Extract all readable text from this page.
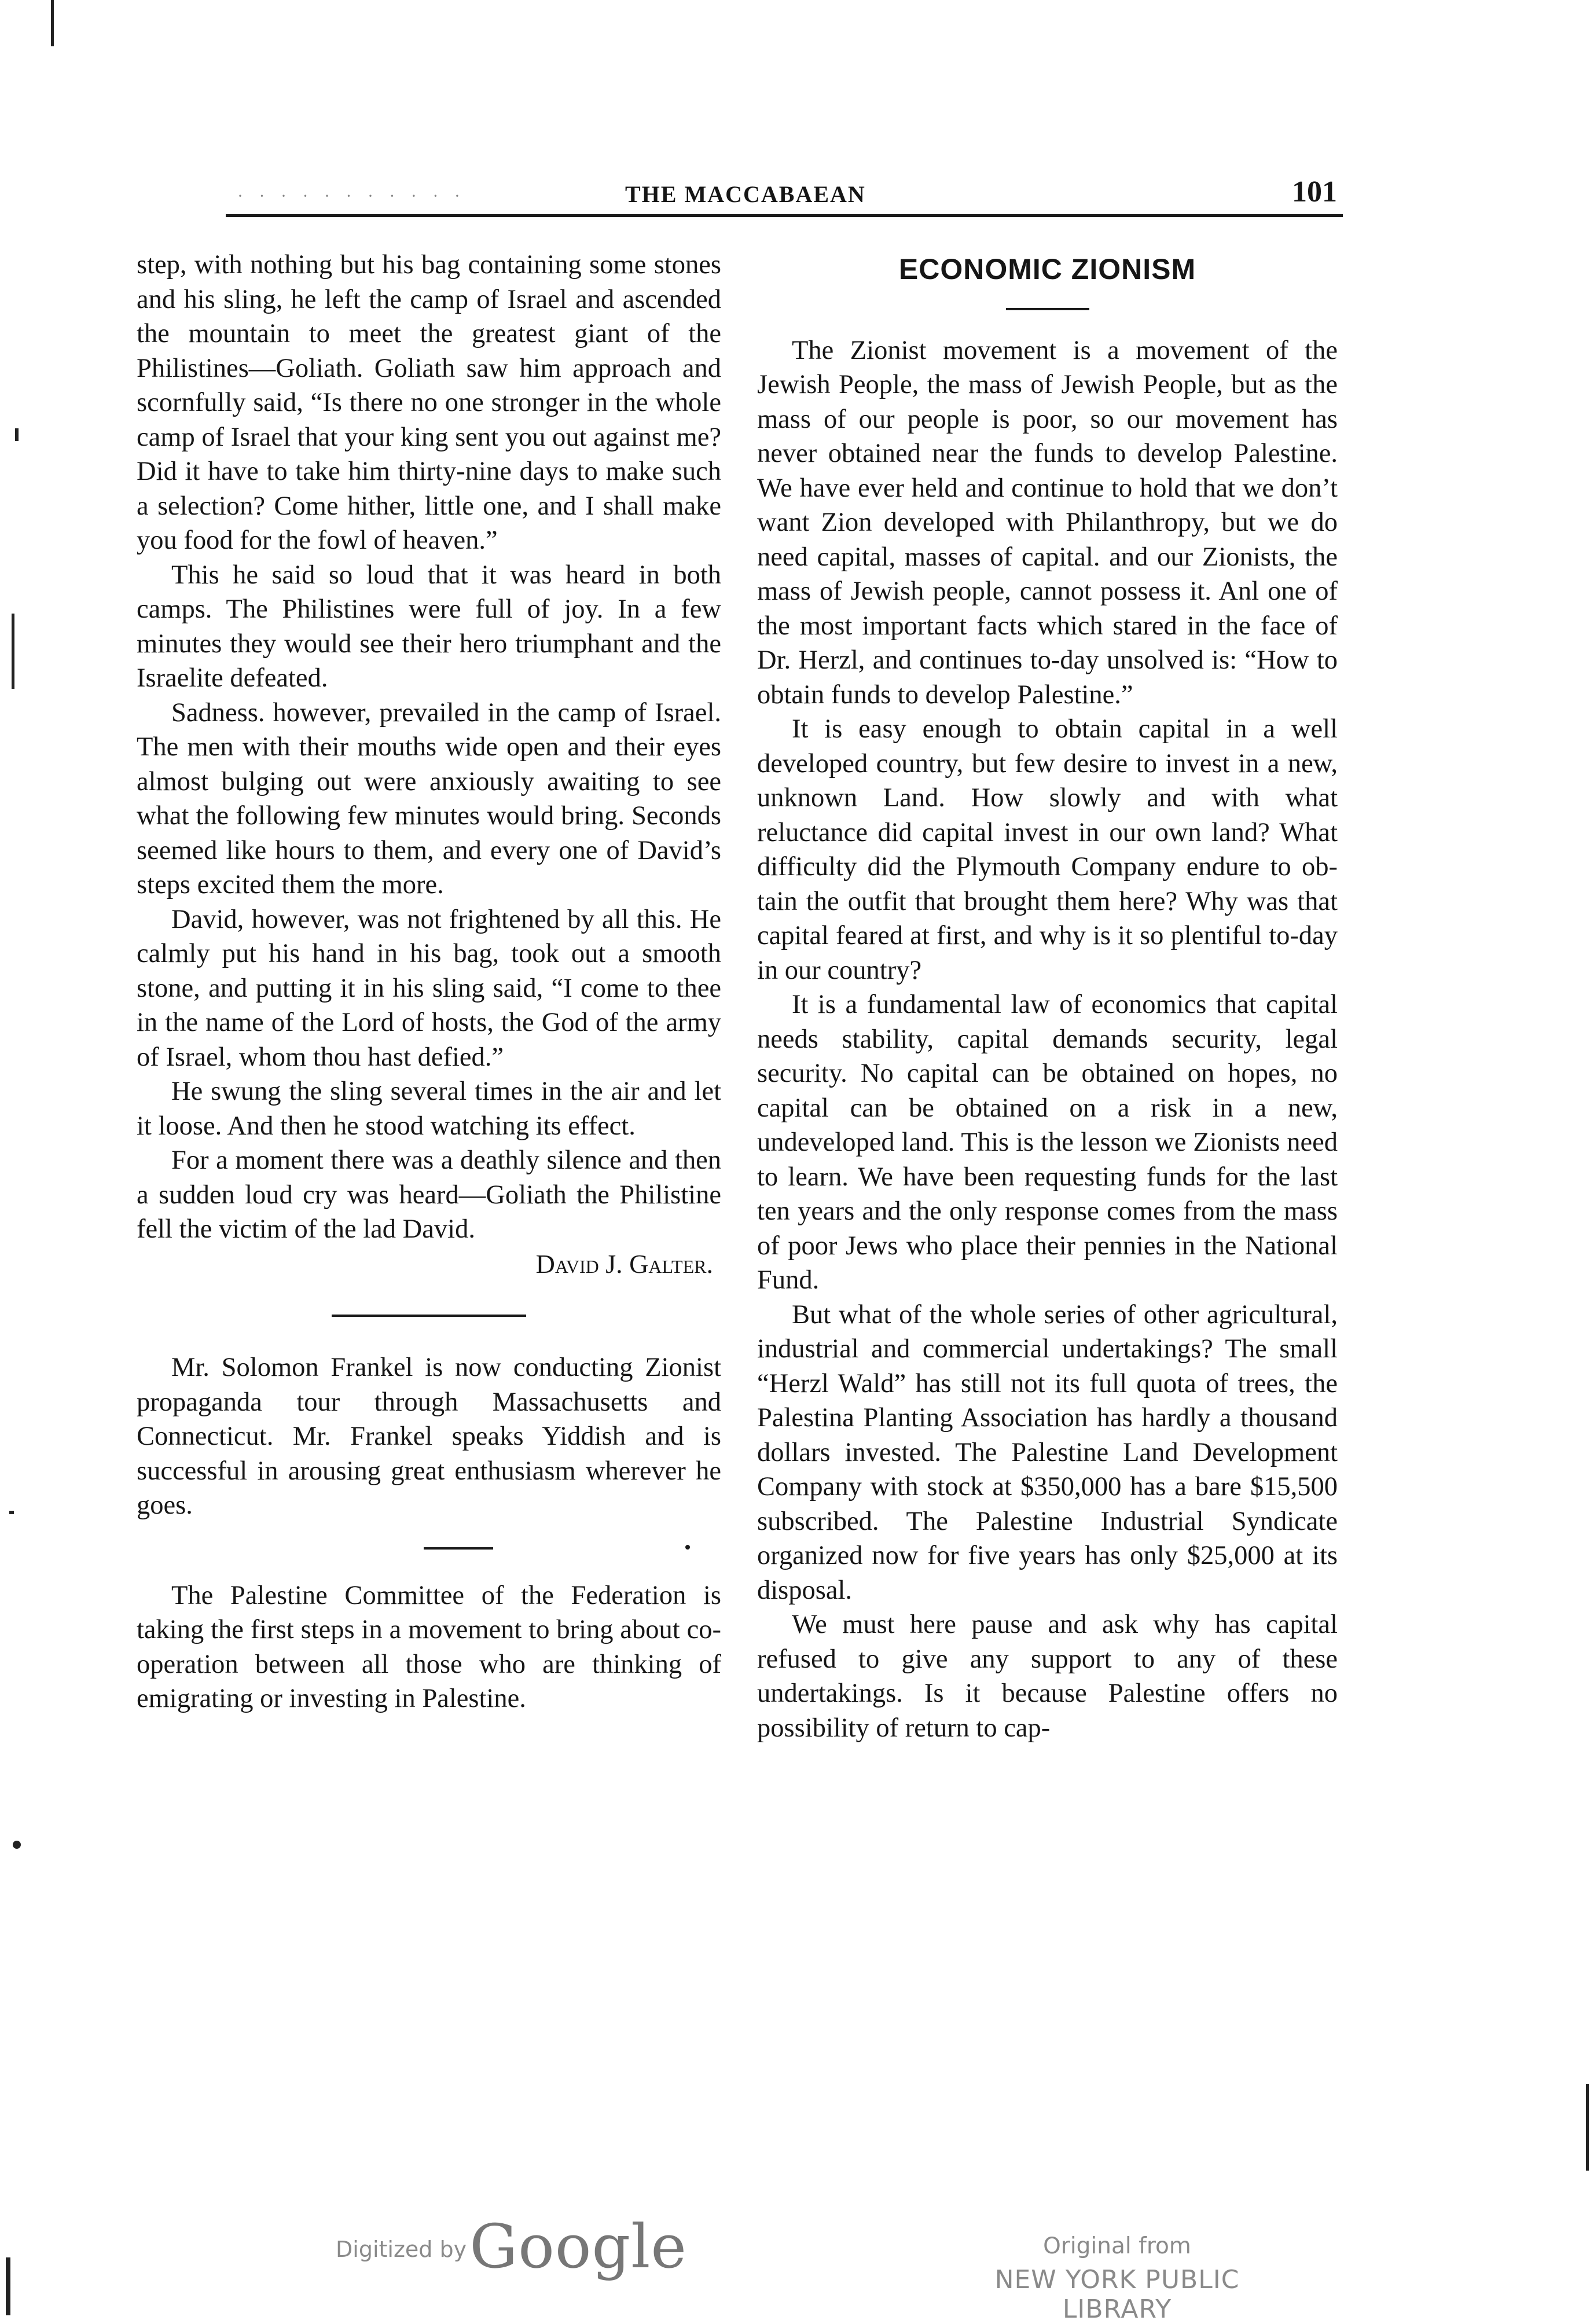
· · · · · · · · · · ·	THE MACCABAEAN	101

step, with nothing but his bag containing some stones and his sling, he left the camp of Israel and ascended the mountain to meet the greatest giant of the Philistines—Goliath. Goliath saw him approach and scornfully said, “Is there no one stronger in the whole camp of Israel that your king sent you out against me? Did it have to take him thirty-nine days to make such a selection? Come hither, little one, and I shall make you food for the fowl of heaven.”

This he said so loud that it was heard in both camps. The Philistines were full of joy. In a few minutes they would see their hero triumphant and the Israelite defeated.

Sadness. however, prevailed in the camp of Israel. The men with their mouths wide open and their eyes almost bulging out were anxiously awaiting to see what the following few minutes would bring. Seconds seemed like hours to them, and every one of David’s steps excited them the more.

David, however, was not frightened by all this. He calmly put his hand in his bag, took out a smooth stone, and putting it in his sling said, “I come to thee in the name of the Lord of hosts, the God of the army of Israel, whom thou hast defied.”

He swung the sling several times in the air and let it loose. And then he stood watching its effect.

For a moment there was a deathly silence and then a sudden loud cry was heard—Goliath the Philistine fell the victim of the lad David.

David J. Galter.

Mr. Solomon Frankel is now conducting Zionist propaganda tour through Massachusetts and Connecticut. Mr. Frankel speaks Yiddish and is successful in arousing great enthusiasm wherever he goes.

The Palestine Committee of the Federation is taking the first steps in a movement to bring about co-operation between all those who are thinking of emigrating or investing in Palestine.

ECONOMIC ZIONISM

The Zionist movement is a movement of the Jewish People, the mass of Jewish People, but as the mass of our people is poor, so our movement has never obtained near the funds to develop Palestine. We have ever held and continue to hold that we don’t want Zion developed with Philanthropy, but we do need capital, masses of capital. and our Zionists, the mass of Jewish people, cannot possess it. Anl one of the most important facts which stared in the face of Dr. Herzl, and continues to-day unsolved is: “How to obtain funds to develop Palestine.”

It is easy enough to obtain capital in a well developed country, but few desire to invest in a new, unknown Land. How slowly and with what reluctance did capital invest in our own land? What difficulty did the Plymouth Company endure to obtain the outfit that brought them here? Why was that capital feared at first, and why is it so plentiful to-day in our country?

It is a fundamental law of economics that capital needs stability, capital demands security, legal security. No capital can be obtained on hopes, no capital can be obtained on a risk in a new, undeveloped land. This is the lesson we Zionists need to learn. We have been requesting funds for the last ten years and the only response comes from the mass of poor Jews who place their pennies in the National Fund.

But what of the whole series of other agricultural, industrial and commercial undertakings? The small “Herzl Wald” has still not its full quota of trees, the Palestina Planting Association has hardly a thousand dollars invested. The Palestine Land Development Company with stock at $350,000 has a bare $15,500 subscribed. The Palestine Industrial Syndicate organized now for five years has only $25,000 at its disposal.

We must here pause and ask why has capital refused to give any support to any of these undertakings. Is it because Palestine offers no possibility of return to cap-

Digitized by Google	Original from
NEW YORK PUBLIC LIBRARY
